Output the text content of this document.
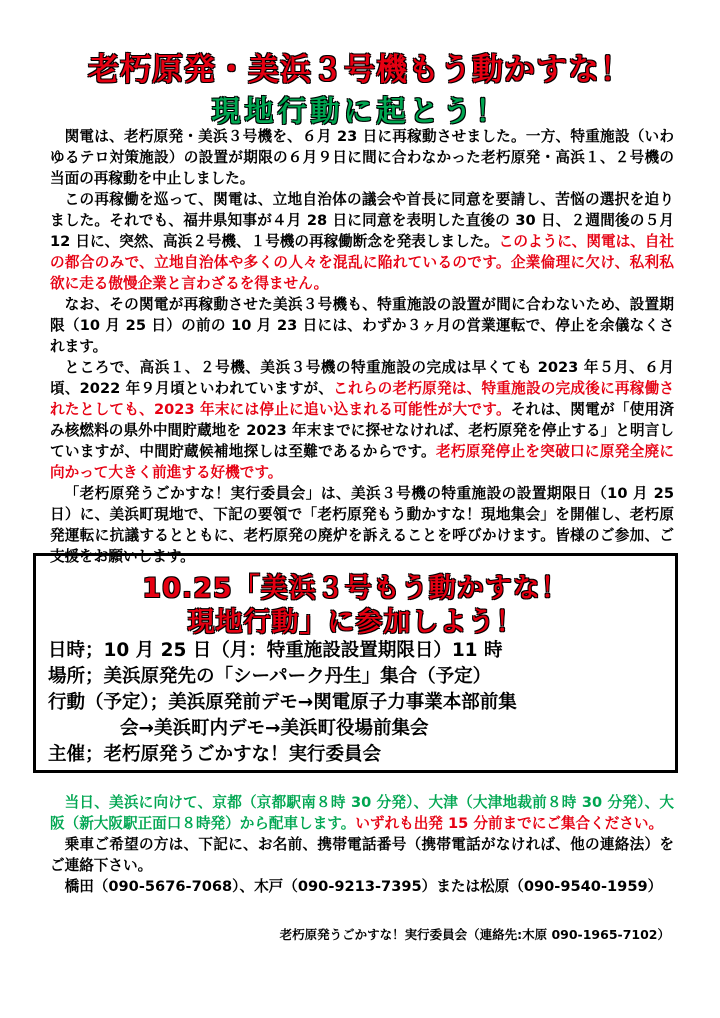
老朽原発・美浜３号機もう動かすな！
現地行動に起とう！

関電は、老朽原発・美浜３号機を、６月 23 日に再稼動させました。一方、特重施設（いわゆるテロ対策施設）の設置が期限の６月９日に間に合わなかった老朽原発・高浜１、２号機の当面の再稼動を中止しました。

この再稼働を巡って、関電は、立地自治体の議会や首長に同意を要請し、苦悩の選択を迫りました。それでも、福井県知事が４月 28 日に同意を表明した直後の 30 日、２週間後の５月 12 日に、突然、高浜２号機、１号機の再稼働断念を発表しました。このように、関電は、自社の都合のみで、立地自治体や多くの人々を混乱に陥れているのです。企業倫理に欠け、私利私欲に走る傲慢企業と言わざるを得ません。

なお、その関電が再稼動させた美浜３号機も、特重施設の設置が間に合わないため、設置期限（10 月 25 日）の前の 10 月 23 日には、わずか３ヶ月の営業運転で、停止を余儀なくされます。

ところで、高浜１、２号機、美浜３号機の特重施設の完成は早くても 2023 年５月、６月頃、2022 年９月頃といわれていますが、これらの老朽原発は、特重施設の完成後に再稼働されたとしても、2023 年末には停止に追い込まれる可能性が大です。それは、関電が「使用済み核燃料の県外中間貯蔵地を 2023 年末までに探せなければ、老朽原発を停止する」と明言していますが、中間貯蔵候補地探しは至難であるからです。老朽原発停止を突破口に原発全廃に向かって大きく前進する好機です。

「老朽原発うごかすな！実行委員会」は、美浜３号機の特重施設の設置期限日（10 月 25 日）に、美浜町現地で、下記の要領で「老朽原発もう動かすな！現地集会」を開催し、老朽原発運転に抗議するとともに、老朽原発の廃炉を訴えることを呼びかけます。皆様のご参加、ご支援をお願いします。

10.25「美浜３号もう動かすな！
現地行動」に参加しよう！
日時；10 月 25 日（月：特重施設設置期限日）11 時
場所；美浜原発先の「シーパーク丹生」集合（予定）
行動（予定）；美浜原発前デモ→関電原子力事業本部前集
会→美浜町内デモ→美浜町役場前集会
主催；老朽原発うごかすな！実行委員会

当日、美浜に向けて、京都（京都駅南８時 30 分発）、大津（大津地裁前８時 30 分発）、大阪（新大阪駅正面口８時発）から配車します。いずれも出発 15 分前までにご集合ください。

乗車ご希望の方は、下記に、お名前、携帯電話番号（携帯電話がなければ、他の連絡法）をご連絡下さい。

橋田（090-5676-7068）、木戸（090-9213-7395）または松原（090-9540-1959）

老朽原発うごかすな！実行委員会（連絡先:木原 090-1965-7102）
